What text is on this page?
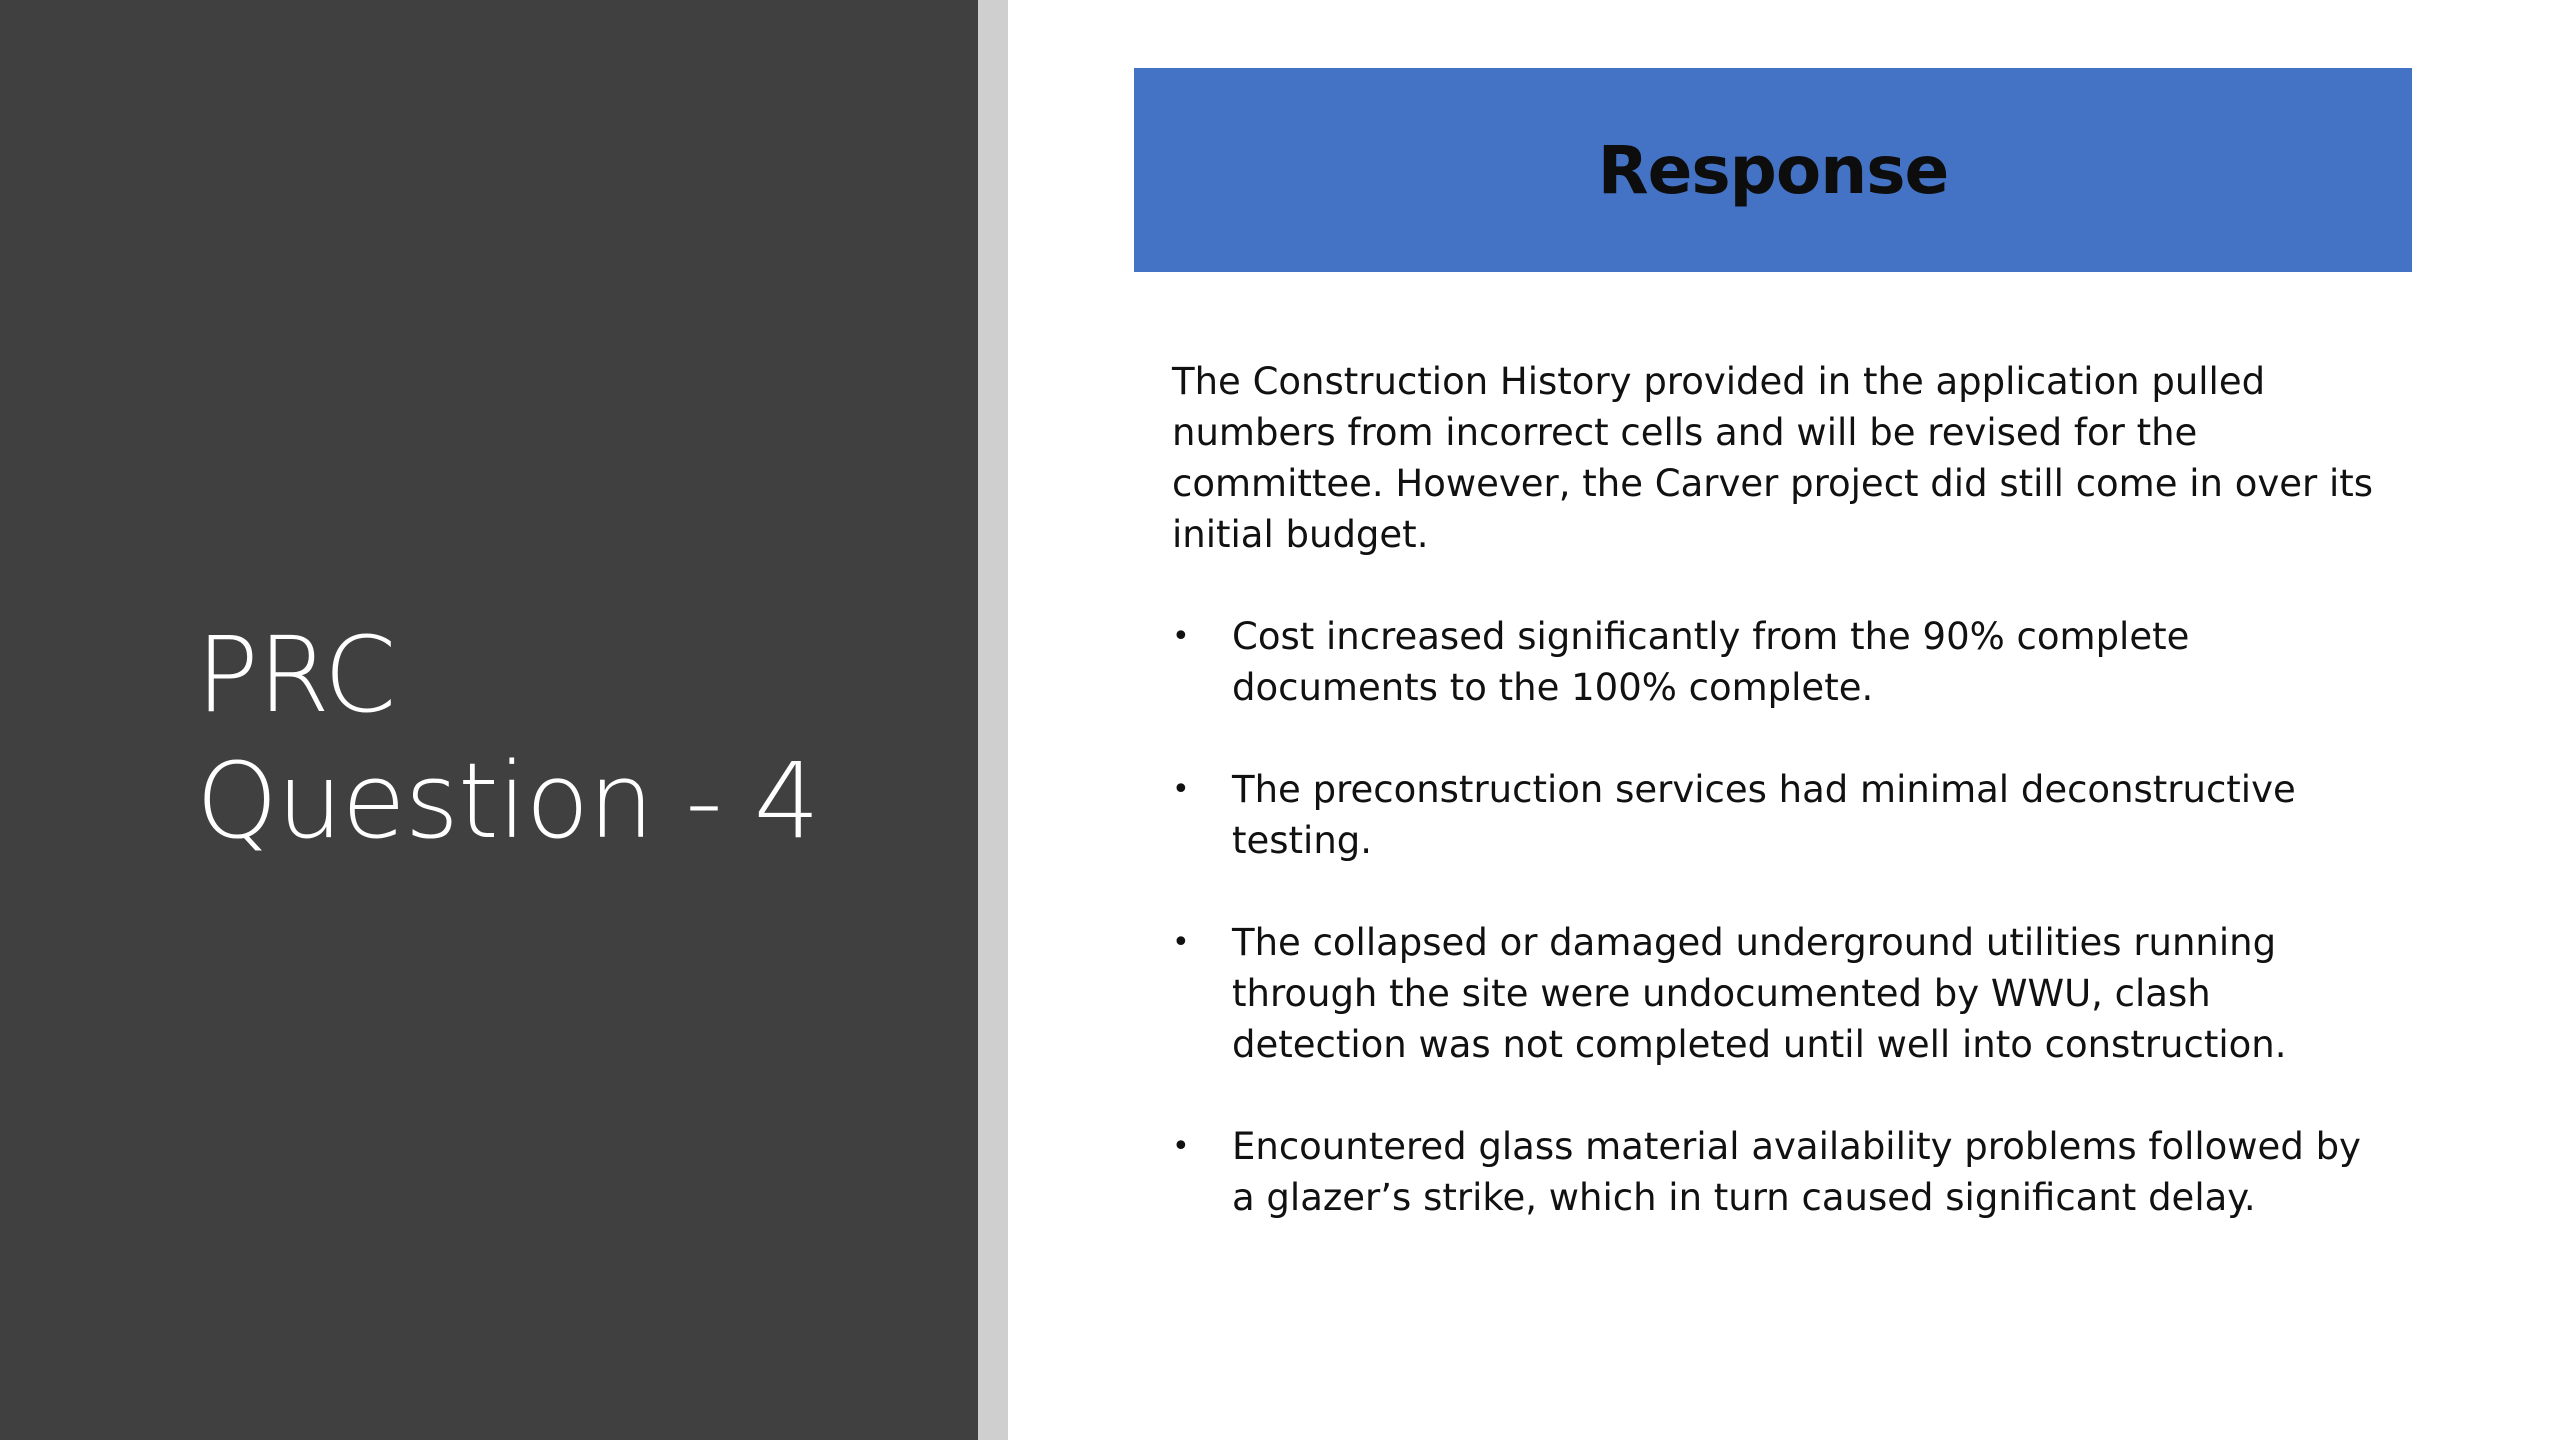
PRC
Question - 4
Response

The Construction History provided in the application pulled numbers from incorrect cells and will be revised for the committee. However, the Carver project did still come in over its initial budget.

•	Cost increased significantly from the 90% complete documents to the 100% complete.
•	The preconstruction services had minimal deconstructive testing.
•	The collapsed or damaged underground utilities running through the site were undocumented by WWU, clash detection was not completed until well into construction.
•	Encountered glass material availability problems followed by a glazer’s strike, which in turn caused significant delay.
